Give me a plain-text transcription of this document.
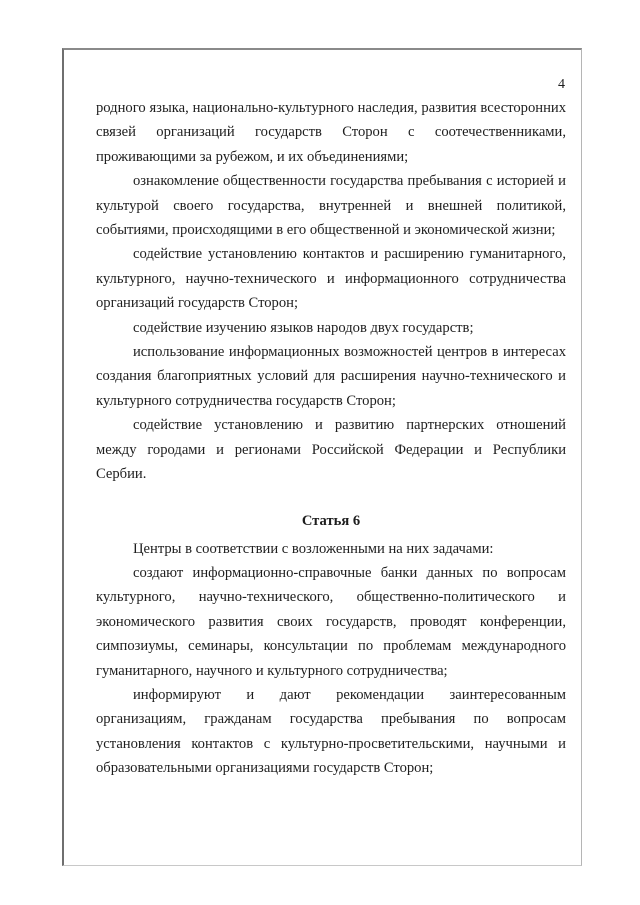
4

родного языка, национально-культурного наследия, развития всесторонних связей организаций государств Сторон с соотечественниками, проживающими за рубежом, и их объединениями;

ознакомление общественности государства пребывания с историей и культурой своего государства, внутренней и внешней политикой, событиями, происходящими в его общественной и экономической жизни;

содействие установлению контактов и расширению гуманитарного, культурного, научно-технического и информационного сотрудничества организаций государств Сторон;

содействие изучению языков народов двух государств;

использование информационных возможностей центров в интересах создания благоприятных условий для расширения научно-технического и культурного сотрудничества государств Сторон;

содействие установлению и развитию партнерских отношений между городами и регионами Российской Федерации и Республики Сербии.

Статья 6

Центры в соответствии с возложенными на них задачами:

создают информационно-справочные банки данных по вопросам культурного, научно-технического, общественно-политического и экономического развития своих государств, проводят конференции, симпозиумы, семинары, консультации по проблемам международного гуманитарного, научного и культурного сотрудничества;

информируют и дают рекомендации заинтересованным организациям, гражданам государства пребывания по вопросам установления контактов с культурно-просветительскими, научными и образовательными организациями государств Сторон;
